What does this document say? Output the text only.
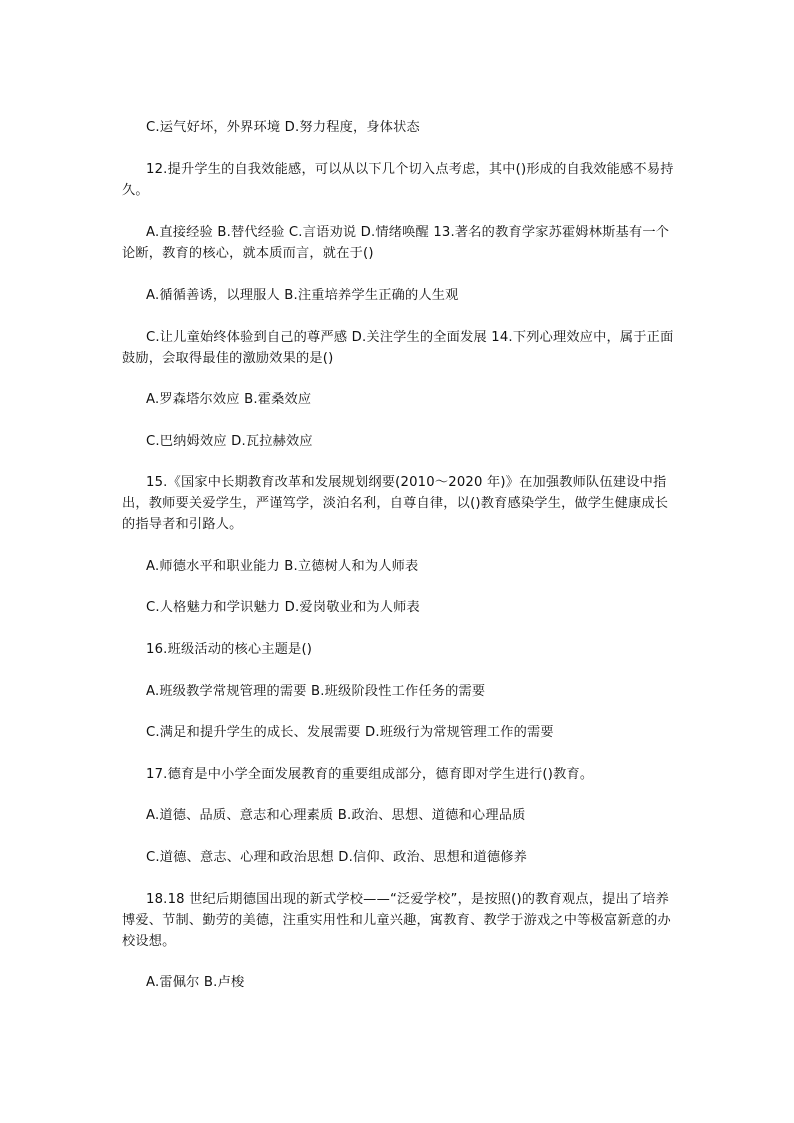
C.运气好坏，外界环境 D.努力程度，身体状态

12.提升学生的自我效能感，可以从以下几个切入点考虑，其中()形成的自我效能感不易持久。

A.直接经验 B.替代经验 C.言语劝说 D.情绪唤醒 13.著名的教育学家苏霍姆林斯基有一个论断，教育的核心，就本质而言，就在于()

A.循循善诱，以理服人 B.注重培养学生正确的人生观

C.让儿童始终体验到自己的尊严感 D.关注学生的全面发展 14.下列心理效应中，属于正面鼓励，会取得最佳的激励效果的是()

A.罗森塔尔效应 B.霍桑效应

C.巴纳姆效应 D.瓦拉赫效应

15.《国家中长期教育改革和发展规划纲要(2010～2020 年)》在加强教师队伍建设中指出，教师要关爱学生，严谨笃学，淡泊名利，自尊自律，以()教育感染学生，做学生健康成长的指导者和引路人。

A.师德水平和职业能力 B.立德树人和为人师表

C.人格魅力和学识魅力 D.爱岗敬业和为人师表

16.班级活动的核心主题是()

A.班级教学常规管理的需要 B.班级阶段性工作任务的需要

C.满足和提升学生的成长、发展需要 D.班级行为常规管理工作的需要

17.德育是中小学全面发展教育的重要组成部分，德育即对学生进行()教育。

A.道德、品质、意志和心理素质 B.政治、思想、道德和心理品质

C.道德、意志、心理和政治思想 D.信仰、政治、思想和道德修养

18.18 世纪后期德国出现的新式学校——“泛爱学校”，是按照()的教育观点，提出了培养博爱、节制、勤劳的美德，注重实用性和儿童兴趣，寓教育、教学于游戏之中等极富新意的办校设想。

A.雷佩尔 B.卢梭
